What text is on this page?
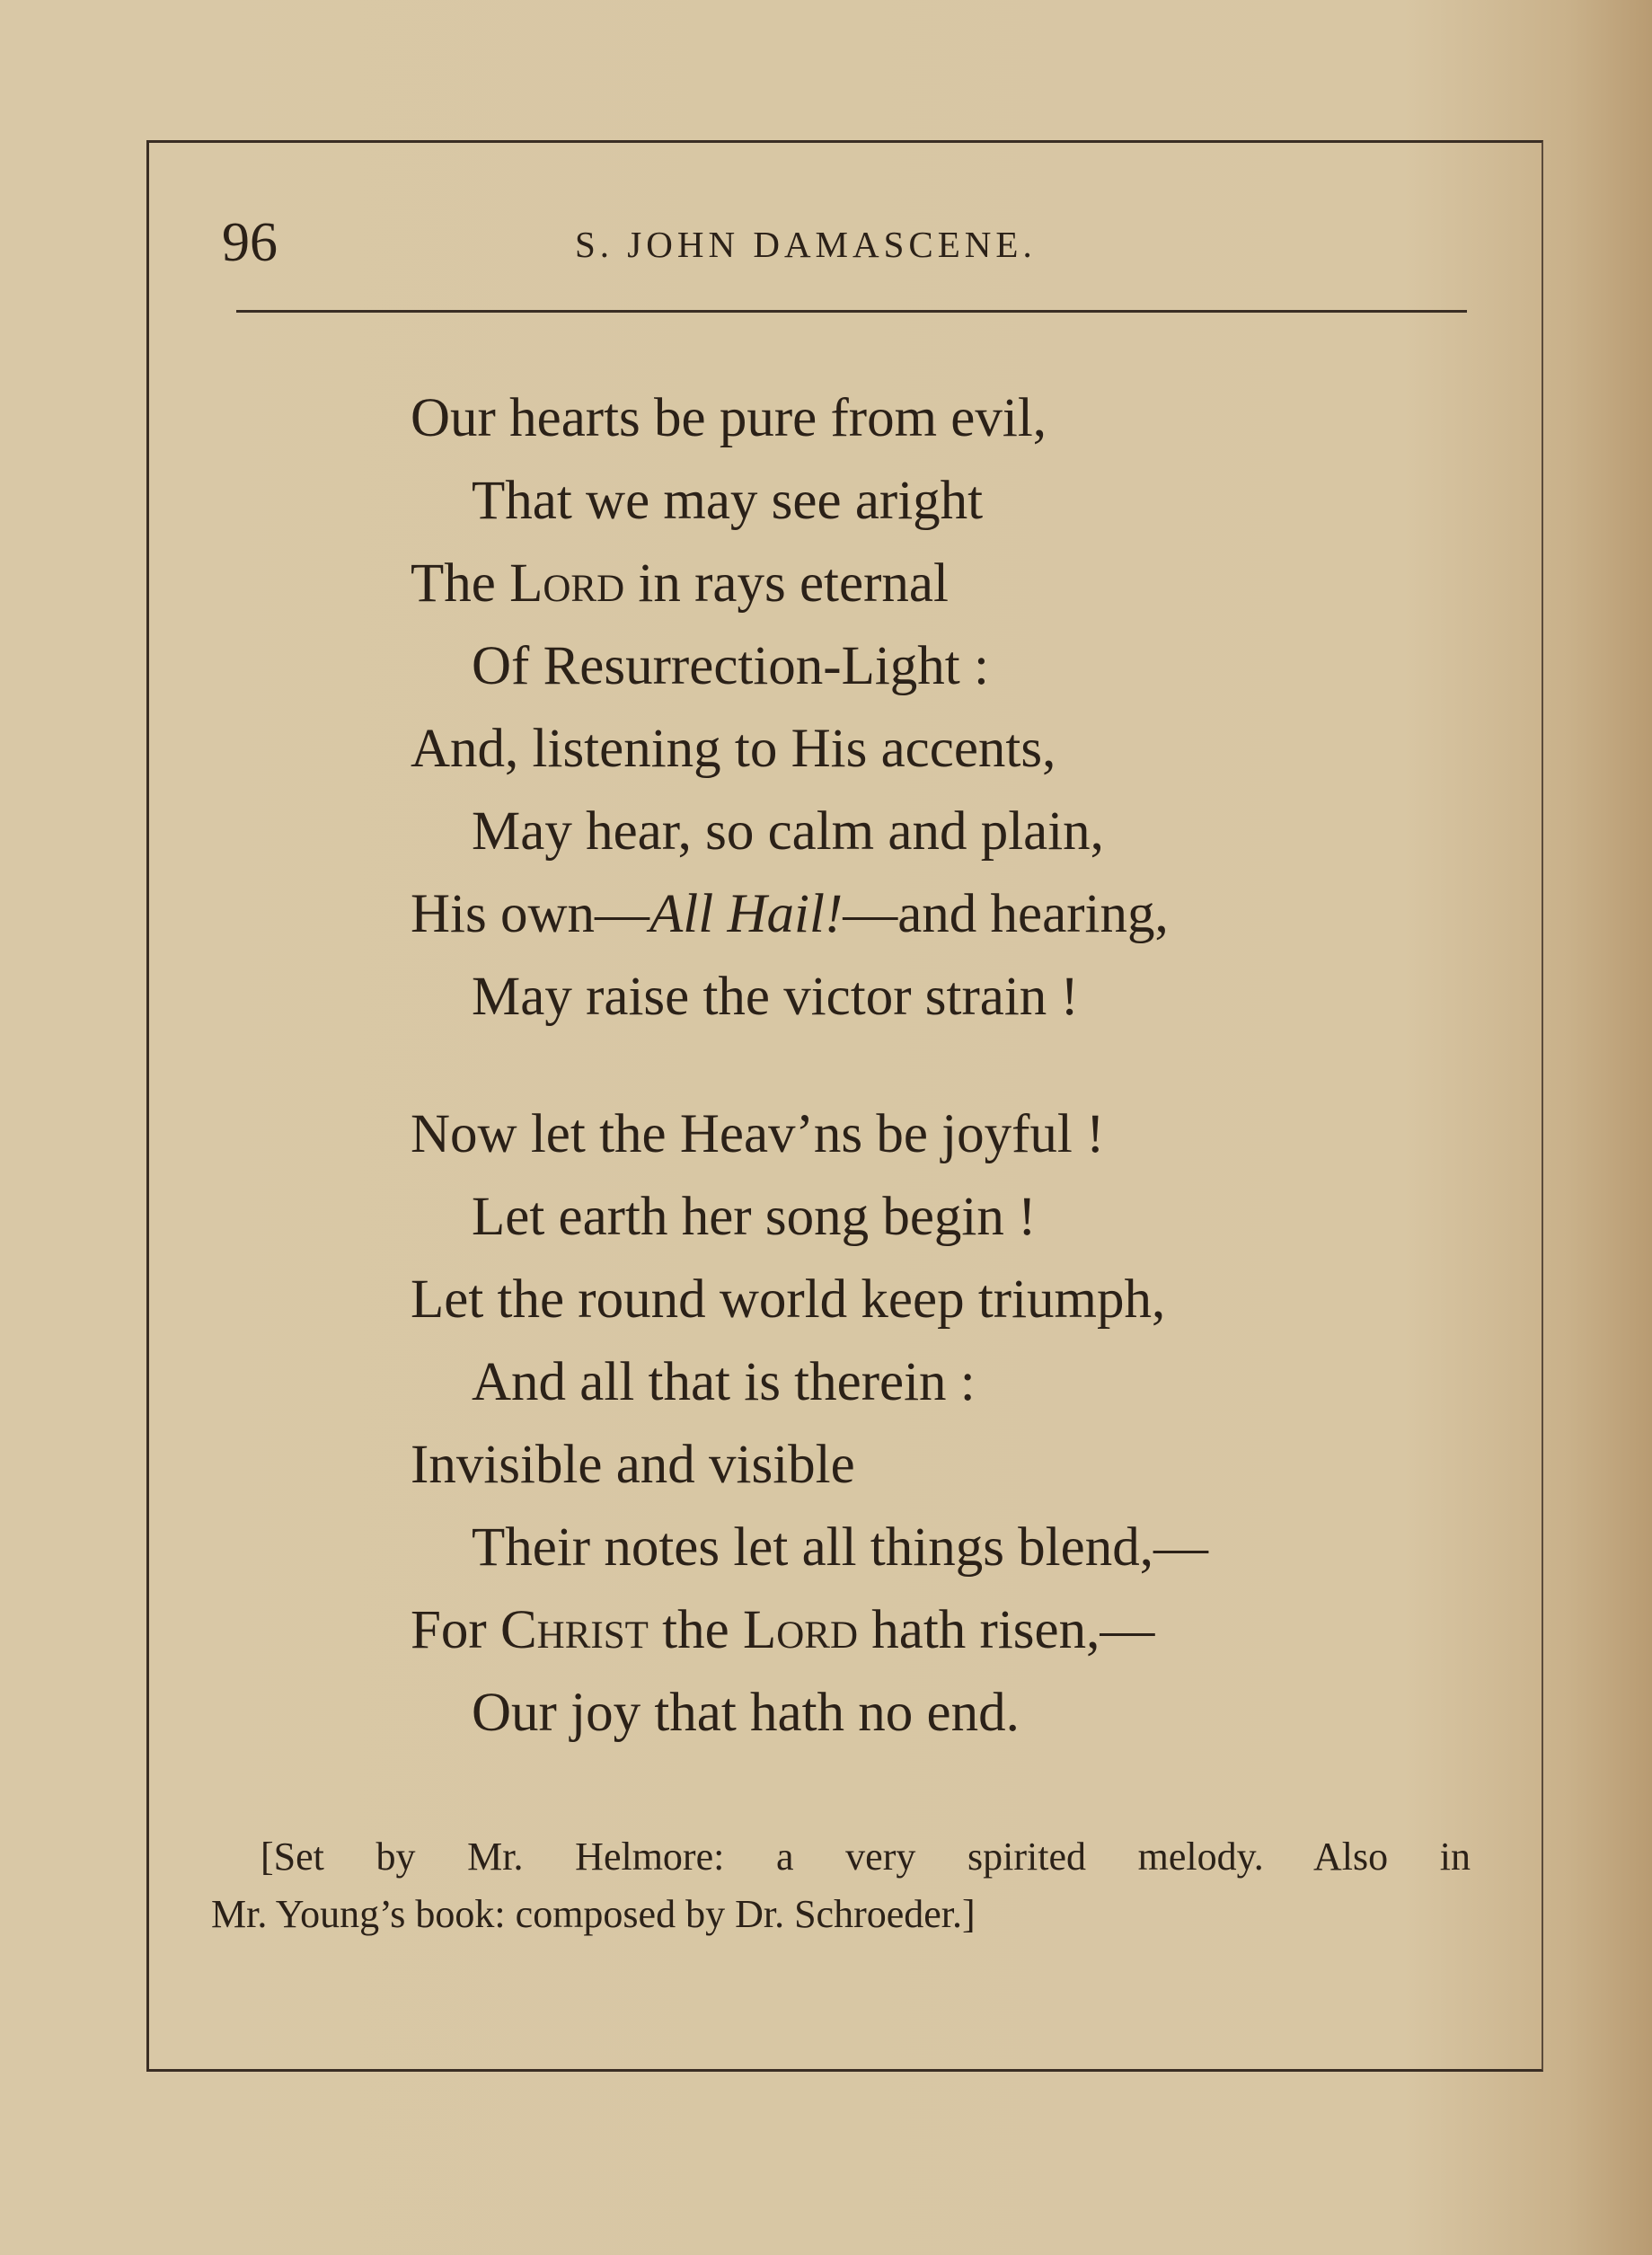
96	S. JOHN DAMASCENE.
Our hearts be pure from evil,
That we may see aright
The Lord in rays eternal
Of Resurrection-Light :
And, listening to His accents,
May hear, so calm and plain,
His own—All Hail!—and hearing,
May raise the victor strain !
Now let the Heav’ns be joyful !
Let earth her song begin !
Let the round world keep triumph,
And all that is therein :
Invisible and visible
Their notes let all things blend,—
For Christ the Lord hath risen,—
Our joy that hath no end.
[Set by Mr. Helmore: a very spirited melody. Also in
Mr. Young’s book: composed by Dr. Schroeder.]
